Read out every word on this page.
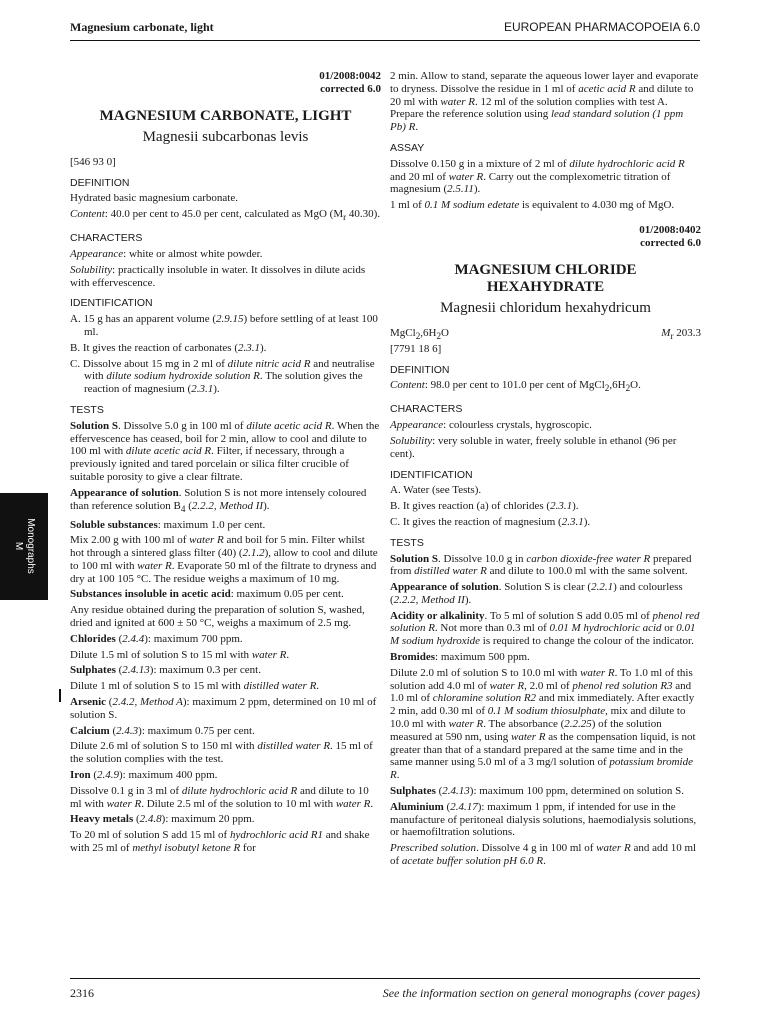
Magnesium carbonate, light	EUROPEAN PHARMACOPOEIA 6.0
Monographs
M
01/2008:0042
corrected 6.0
MAGNESIUM CARBONATE, LIGHT
Magnesii subcarbonas levis

[546 93 0]

DEFINITION

Hydrated basic magnesium carbonate.

Content: 40.0 per cent to 45.0 per cent, calculated as MgO ($M_r$ 40.30).

CHARACTERS

Appearance: white or almost white powder.

Solubility: practically insoluble in water. It dissolves in dilute acids with effervescence.

IDENTIFICATION

A. 15 g has an apparent volume (2.9.15) before settling of at least 100 ml.

B. It gives the reaction of carbonates (2.3.1).

C. Dissolve about 15 mg in 2 ml of dilute nitric acid R and neutralise with dilute sodium hydroxide solution R. The solution gives the reaction of magnesium (2.3.1).

TESTS

Solution S. Dissolve 5.0 g in 100 ml of dilute acetic acid R. When the effervescence has ceased, boil for 2 min, allow to cool and dilute to 100 ml with dilute acetic acid R. Filter, if necessary, through a previously ignited and tared porcelain or silica filter crucible of suitable porosity to give a clear filtrate.

Appearance of solution. Solution S is not more intensely coloured than reference solution $B_4$ (2.2.2, Method II).

Soluble substances: maximum 1.0 per cent.

Mix 2.00 g with 100 ml of water R and boil for 5 min. Filter whilst hot through a sintered glass filter (40) (2.1.2), allow to cool and dilute to 100 ml with water R. Evaporate 50 ml of the filtrate to dryness and dry at 100 105 °C. The residue weighs a maximum of 10 mg.

Substances insoluble in acetic acid: maximum 0.05 per cent.

Any residue obtained during the preparation of solution S, washed, dried and ignited at 600 ± 50 °C, weighs a maximum of 2.5 mg.

Chlorides (2.4.4): maximum 700 ppm.

Dilute 1.5 ml of solution S to 15 ml with water R.

Sulphates (2.4.13): maximum 0.3 per cent.

Dilute 1 ml of solution S to 15 ml with distilled water R.

Arsenic (2.4.2, Method A): maximum 2 ppm, determined on 10 ml of solution S.

Calcium (2.4.3): maximum 0.75 per cent.

Dilute 2.6 ml of solution S to 150 ml with distilled water R. 15 ml of the solution complies with the test.

Iron (2.4.9): maximum 400 ppm.

Dissolve 0.1 g in 3 ml of dilute hydrochloric acid R and dilute to 10 ml with water R. Dilute 2.5 ml of the solution to 10 ml with water R.

Heavy metals (2.4.8): maximum 20 ppm.

To 20 ml of solution S add 15 ml of hydrochloric acid R1 and shake with 25 ml of methyl isobutyl ketone R for

2 min. Allow to stand, separate the aqueous lower layer and evaporate to dryness. Dissolve the residue in 1 ml of acetic acid R and dilute to 20 ml with water R. 12 ml of the solution complies with test A. Prepare the reference solution using lead standard solution (1 ppm Pb) R.

ASSAY

Dissolve 0.150 g in a mixture of 2 ml of dilute hydrochloric acid R and 20 ml of water R. Carry out the complexometric titration of magnesium (2.5.11).

1 ml of 0.1 M sodium edetate is equivalent to 4.030 mg of MgO.

01/2008:0402
corrected 6.0
MAGNESIUM CHLORIDE
HEXAHYDRATE
Magnesii chloridum hexahydricum
$MgCl_2,6H_2O$	$M_r$ 203.3

[7791 18 6]

DEFINITION

Content: 98.0 per cent to 101.0 per cent of $MgCl_2,6H_2O$.

CHARACTERS

Appearance: colourless crystals, hygroscopic.

Solubility: very soluble in water, freely soluble in ethanol (96 per cent).

IDENTIFICATION

A. Water (see Tests).

B. It gives reaction (a) of chlorides (2.3.1).

C. It gives the reaction of magnesium (2.3.1).

TESTS

Solution S. Dissolve 10.0 g in carbon dioxide-free water R prepared from distilled water R and dilute to 100.0 ml with the same solvent.

Appearance of solution. Solution S is clear (2.2.1) and colourless (2.2.2, Method II).

Acidity or alkalinity. To 5 ml of solution S add 0.05 ml of phenol red solution R. Not more than 0.3 ml of 0.01 M hydrochloric acid or 0.01 M sodium hydroxide is required to change the colour of the indicator.

Bromides: maximum 500 ppm.

Dilute 2.0 ml of solution S to 10.0 ml with water R. To 1.0 ml of this solution add 4.0 ml of water R, 2.0 ml of phenol red solution R3 and 1.0 ml of chloramine solution R2 and mix immediately. After exactly 2 min, add 0.30 ml of 0.1 M sodium thiosulphate, mix and dilute to 10.0 ml with water R. The absorbance (2.2.25) of the solution measured at 590 nm, using water R as the compensation liquid, is not greater than that of a standard prepared at the same time and in the same manner using 5.0 ml of a 3 mg/l solution of potassium bromide R.

Sulphates (2.4.13): maximum 100 ppm, determined on solution S.

Aluminium (2.4.17): maximum 1 ppm, if intended for use in the manufacture of peritoneal dialysis solutions, haemodialysis solutions, or haemofiltration solutions.

Prescribed solution. Dissolve 4 g in 100 ml of water R and add 10 ml of acetate buffer solution pH 6.0 R.

2316	See the information section on general monographs (cover pages)
